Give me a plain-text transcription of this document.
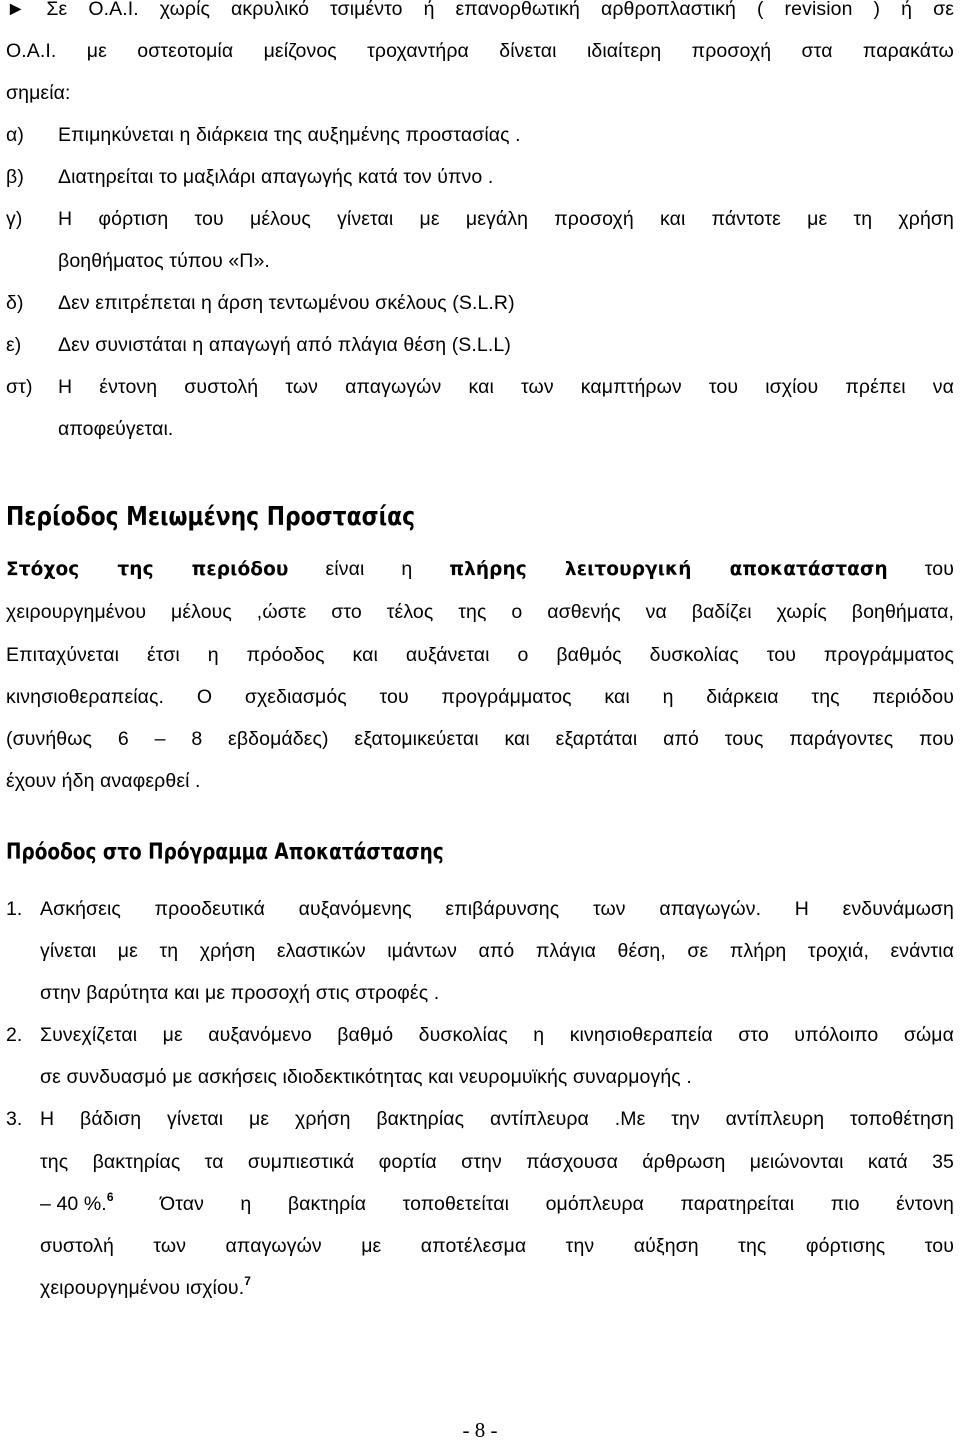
► Σε Ο.Α.Ι. χωρίς ακρυλικό τσιμέντο ή επανορθωτική αρθροπλαστική ( revision ) ή σε
Ο.Α.Ι. με οστεοτομία μείζονος τροχαντήρα δίνεται ιδιαίτερη προσοχή στα παρακάτω
σημεία:
α) Επιμηκύνεται η διάρκεια της αυξημένης προστασίας .
β) Διατηρείται το μαξιλάρι απαγωγής κατά τον ύπνο .
γ) Η φόρτιση του μέλους γίνεται με μεγάλη προσοχή και πάντοτε με τη χρήση
βοηθήματος τύπου «Π».
δ) Δεν επιτρέπεται η άρση τεντωμένου σκέλους (S.L.R)
ε) Δεν συνιστάται η απαγωγή από πλάγια θέση (S.L.L)
στ) Η έντονη συστολή των απαγωγών και των καμπτήρων του ισχίου πρέπει να
αποφεύγεται.
Περίοδος Μειωμένης Προστασίας
Στόχος της περιόδου είναι η πλήρης λειτουργική αποκατάσταση του
χειρουργημένου μέλους ,ώστε στο τέλος της ο ασθενής να βαδίζει χωρίς βοηθήματα,
Επιταχύνεται έτσι η πρόοδος και αυξάνεται ο βαθμός δυσκολίας του προγράμματος
κινησιοθεραπείας. Ο σχεδιασμός του προγράμματος και η διάρκεια της περιόδου
(συνήθως 6 – 8 εβδομάδες) εξατομικεύεται και εξαρτάται από τους παράγοντες που
έχουν ήδη αναφερθεί .
Πρόοδος στο Πρόγραμμα Αποκατάστασης
1. Ασκήσεις προοδευτικά αυξανόμενης επιβάρυνσης των απαγωγών. Η ενδυνάμωση
γίνεται με τη χρήση ελαστικών ιμάντων από πλάγια θέση, σε πλήρη τροχιά, ενάντια
στην βαρύτητα και με προσοχή στις στροφές .
2. Συνεχίζεται με αυξανόμενο βαθμό δυσκολίας η κινησιοθεραπεία στο υπόλοιπο σώμα
σε συνδυασμό με ασκήσεις ιδιοδεκτικότητας και νευρομυϊκής συναρμογής .
3. Η βάδιση γίνεται με χρήση βακτηρίας αντίπλευρα .Με την αντίπλευρη τοποθέτηση
της βακτηρίας τα συμπιεστικά φορτία στην πάσχουσα άρθρωση μειώνονται κατά 35
– 40 %.$^6$	Όταν η βακτηρία τοποθετείται ομόπλευρα παρατηρείται πιο έντονη
συστολή των απαγωγών με αποτέλεσμα την αύξηση της φόρτισης του
χειρουργημένου ισχίου.$^7$
- 8 -
